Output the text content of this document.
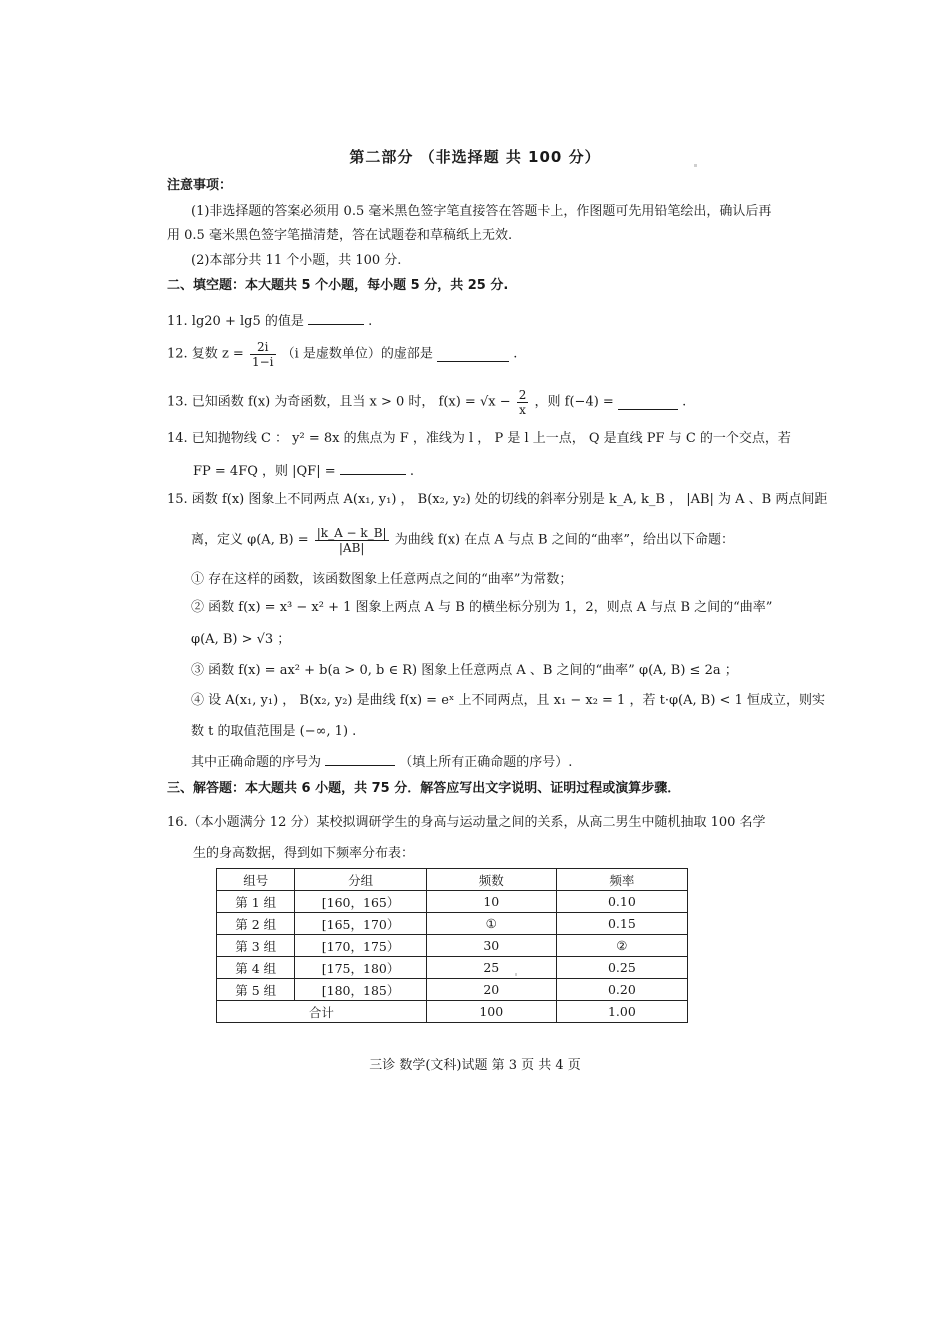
第二部分 （非选择题 共 100 分）
注意事项：
(1)非选择题的答案必须用 0.5 毫米黑色签字笔直接答在答题卡上，作图题可先用铅笔绘出，确认后再
用 0.5 毫米黑色签字笔描清楚，答在试题卷和草稿纸上无效.
(2)本部分共 11 个小题，共 100 分.
二、填空题：本大题共 5 个小题，每小题 5 分，共 25 分.
11. lg20 + lg5 的值是	.
12. 复数 $z = \frac{2i}{1-i} (i$ 是虚数单位）的虚部是	.
13. 已知函数 f(x) 为奇函数，且当 x > 0 时， $f(x) = √x - \frac{2}{x}$ ，则 f(−4) =	.
14. 已知抛物线 C ： y² = 8x 的焦点为 F ，准线为 l ， P 是 l 上一点， Q 是直线 PF 与 C 的一个交点，若
FP = 4FQ ，则 |QF| =	.
15. 函数 f(x) 图象上不同两点 A(x₁, y₁) ， B(x₂, y₂) 处的切线的斜率分别是 k_A, k_B ， |AB| 为 A 、B 两点间距
离，定义 φ(A, $B) = \frac{|k\_A - k\_B|}{|AB|}$ 为曲线 f(x) 在点 A 与点 B 之间的“曲率”，给出以下命题：
① 存在这样的函数，该函数图象上任意两点之间的“曲率”为常数；
② 函数 f(x) = x³ − x² + 1 图象上两点 A 与 B 的横坐标分别为 1，2，则点 A 与点 B 之间的“曲率”
φ(A, B) > √3 ；
③ 函数 f(x) = ax² + b(a > 0, b ∈ R) 图象上任意两点 A 、B 之间的“曲率” φ(A, B) ≤ 2a ；
④ 设 A(x₁, y₁) ， B(x₂, y₂) 是曲线 f(x) = eˣ 上不同两点，且 x₁ − x₂ = 1 ，若 t·φ(A, B) < 1 恒成立，则实
数 t 的取值范围是 (−∞, 1) .
其中正确命题的序号为	（填上所有正确命题的序号）.
三、解答题：本大题共 6 小题，共 75 分．解答应写出文字说明、证明过程或演算步骤．
16.（本小题满分 12 分）某校拟调研学生的身高与运动量之间的关系，从高二男生中随机抽取 100 名学
生的身高数据，得到如下频率分布表：
组号	分组	频数	频率
第 1 组	[160，165）	10	0.10
第 2 组	[165，170）	①	0.15
第 3 组	[170，175）	30	②
第 4 组	[175，180）	25	0.25
第 5 组	[180，185）	20	0.20
合计		100	1.00
三诊 数学(文科)试题 第 3 页 共 4 页
